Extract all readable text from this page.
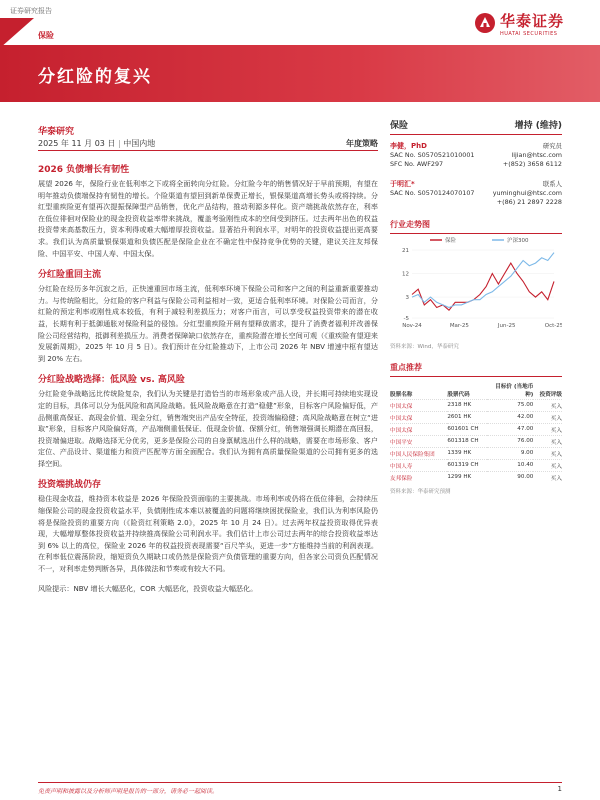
证券研究报告
保险
华泰证券
HUATAI SECURITIES
分红险的复兴
华泰研究
2025 年 11 月 03 日 | 中国内地	年度策略
2026 负债增长有韧性

展望 2026 年，保险行业在低利率之下或将全面转向分红险。分红险今年的销售情况好于早前预期，有望在明年推动负债端保持有韧性的增长。个险渠道有望回到新单保费正增长，银保渠道高增长势头或将持续。分红型重疾险更有望再次提振保障型产品销售，优化产品结构，推动利源多样化。资产端挑战依然存在，利率在低位徘徊对保险业的现金投资收益率带来挑战，覆盖考验刚性成本的空间受到挤压。过去两年出色的权益投资带来高基数压力，资本利得或难大幅增厚投资收益。显著抬升利润水平，对明年的投资收益提出更高要求。我们认为高质量银保渠道和负债匹配是保险企业在不确定性中保持竞争优势的关键，建议关注友邦保险、中国平安、中国人寿、中国太保。

分红险重回主流

分红险在经历多年沉寂之后，正快速重回市场主流，低利率环境下保险公司和客户之间的利益重新重要推动力。与传统险相比，分红险的客户利益与保险公司利益相对一致，更适合低利率环境。对保险公司而言，分红险的预定利率或刚性成本较低，有利于减轻利差损压力；对客户而言，可以享受权益投资带来的潜在收益，长期有利于抵御通胀对保险利益的侵蚀。分红型重疾险开闸有望释放需求，提升了消费者福利并改善保险公司经营结构，抵御利差损压力。消费者保障缺口依然存在，重疾险潜在增长空间可观（《重疾险有望迎来发展新周期》，2025 年 10 月 5 日）。我们预计在分红险推动下，上市公司 2026 年 NBV 增速中枢有望达到 20% 左右。

分红险战略选择：低风险 vs. 高风险

分红险竞争战略远比传统险复杂，我们认为关键是打造恰当的市场形象或产品人设，并长期可持续地实现设定的目标，具体可以分为低风险和高风险战略。低风险战略意在打造“稳健”形象，目标客户风险偏好低，产品侧重高保证、高现金价值、现金分红，销售端突出产品安全特征，投资端偏稳健；高风险战略意在树立“进取”形象，目标客户风险偏好高，产品端侧重低保证、低现金价值、保额分红，销售端强调长期潜在高回报，投资端偏进取。战略选择无分优劣，更多是保险公司的自身禀赋选出什么样的战略，需要在市场形象、客户定位、产品设计、渠道能力和资产匹配等方面全面配合。我们认为拥有高质量保险渠道的公司拥有更多的选择空间。

投资端挑战仍存

稳住现金收益，维持资本收益是 2026 年保险投资面临的主要挑战。市场利率或仍将在低位徘徊，会持续压缩保险公司的现金投资收益水平，负债刚性成本难以被覆盖的问题将继续困扰保险业，我们认为利率风险仍将是保险投资的重要方向（《险资红利策略 2.0》，2025 年 10 月 24 日）。过去两年权益投资取得优异表现，大幅增厚整体投资收益并持续推高保险公司利润水平。我们估计上市公司过去两年的综合投资收益率达到 6% 以上的高位，保险业 2026 年的权益投资表现需要“百尺竿头，更进一步”方能维持当前的利润表现。在利率低位震荡阶段，缩短资负久期缺口或仍然是保险资产负债管理的重要方向，但各家公司资负匹配情况不一，对利率走势判断各异，具体做法和节奏或有较大不同。

风险提示：NBV 增长大幅恶化，COR 大幅恶化，投资收益大幅恶化。

保险	增持 (维持)
研究员
李健，PhD
SAC No. S0570521010001	lijian@htsc.com
SFC No. AWF297	+(852) 3658 6112
联系人
于明汇*
SAC No. S0570124070107	yuminghui@htsc.com
+(86) 21 2897 2228
行业走势图
保险	沪深300
-5
3
12
21
Nov-24	Mar-25	Jun-25	Oct-25
资料来源：Wind，华泰研究
重点推荐
股票名称	股票代码	目标价 (当地币种)	投资评级
中国太保	2318 HK	75.00	买入
中国太保	2601 HK	42.00	买入
中国太保	601601 CH	47.00	买入
中国平安	601318 CH	76.00	买入
中国人民保险集团	1339 HK	9.00	买入
中国人寿	601319 CH	10.40	买入
友邦保险	1299 HK	90.00	买入
资料来源：华泰研究预测
免责声明和披露以及分析师声明是报告的一部分，请务必一起阅读。	1
